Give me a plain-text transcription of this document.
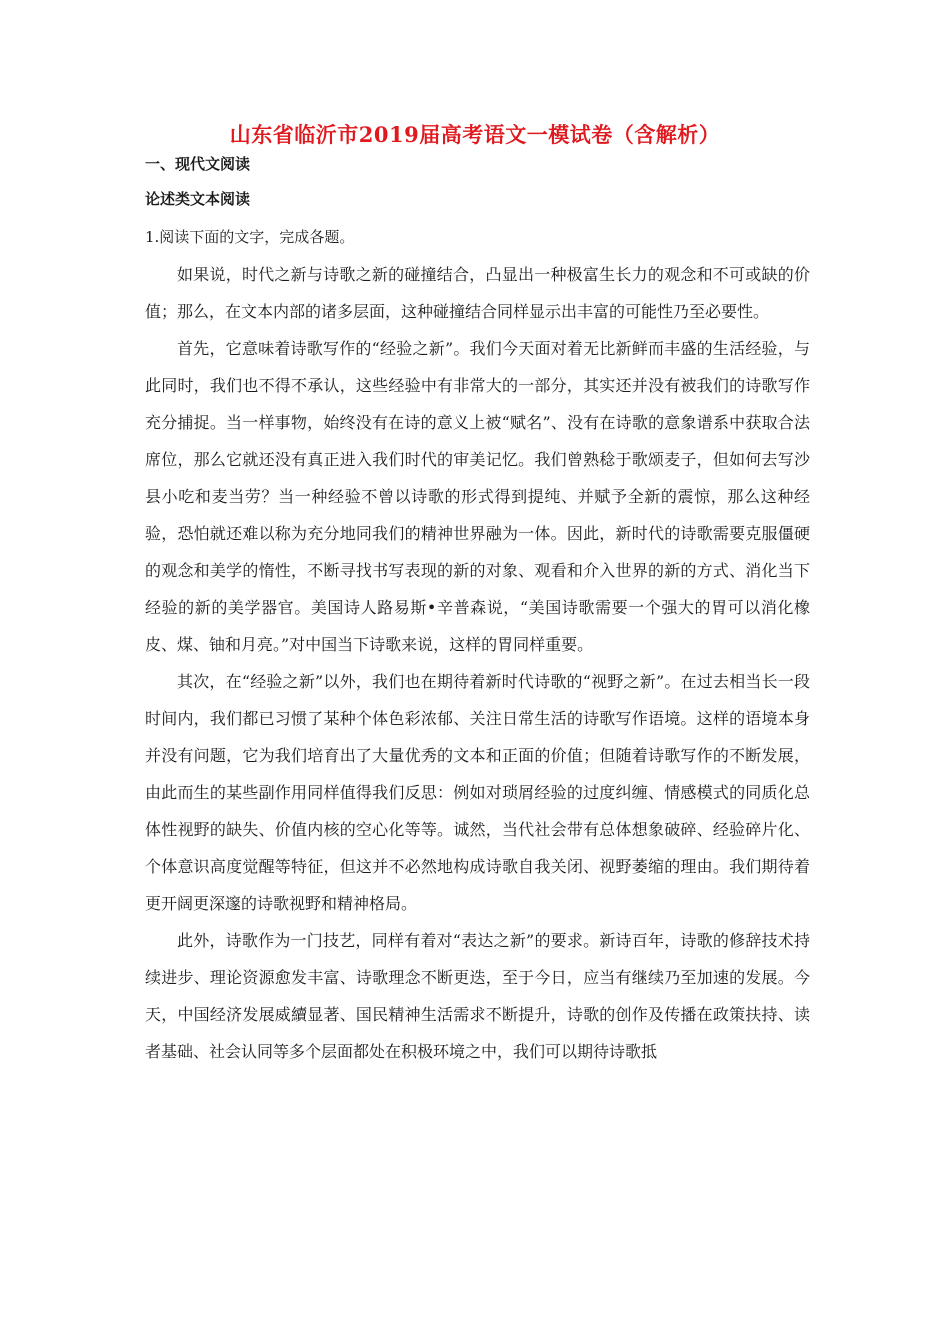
山东省临沂市2019届高考语文一模试卷（含解析）
一、现代文阅读
论述类文本阅读
1.阅读下面的文字，完成各题。

如果说，时代之新与诗歌之新的碰撞结合，凸显出一种极富生长力的观念和不可或缺的价值；那么，在文本内部的诸多层面，这种碰撞结合同样显示出丰富的可能性乃至必要性。

首先，它意味着诗歌写作的“经验之新”。我们今天面对着无比新鲜而丰盛的生活经验，与此同时，我们也不得不承认，这些经验中有非常大的一部分，其实还并没有被我们的诗歌写作充分捕捉。当一样事物，始终没有在诗的意义上被“赋名”、没有在诗歌的意象谱系中获取合法席位，那么它就还没有真正进入我们时代的审美记忆。我们曾熟稔于歌颂麦子，但如何去写沙县小吃和麦当劳？当一种经验不曾以诗歌的形式得到提纯、并赋予全新的震惊，那么这种经验，恐怕就还难以称为充分地同我们的精神世界融为一体。因此，新时代的诗歌需要克服僵硬的观念和美学的惰性，不断寻找书写表现的新的对象、观看和介入世界的新的方式、消化当下经验的新的美学器官。美国诗人路易斯•辛普森说，“美国诗歌需要一个强大的胃可以消化橡皮、煤、铀和月亮。”对中国当下诗歌来说，这样的胃同样重要。

其次，在“经验之新”以外，我们也在期待着新时代诗歌的“视野之新”。在过去相当长一段时间内，我们都已习惯了某种个体色彩浓郁、关注日常生活的诗歌写作语境。这样的语境本身并没有问题，它为我们培育出了大量优秀的文本和正面的价值；但随着诗歌写作的不断发展，由此而生的某些副作用同样值得我们反思：例如对琐屑经验的过度纠缠、情感模式的同质化总体性视野的缺失、价值内核的空心化等等。诚然，当代社会带有总体想象破碎、经验碎片化、个体意识高度觉醒等特征，但这并不必然地构成诗歌自我关闭、视野萎缩的理由。我们期待着更开阔更深邃的诗歌视野和精神格局。

此外，诗歌作为一门技艺，同样有着对“表达之新”的要求。新诗百年，诗歌的修辞技术持续进步、理论资源愈发丰富、诗歌理念不断更迭，至于今日，应当有继续乃至加速的发展。今天，中国经济发展威續显著、国民精神生活需求不断提升，诗歌的创作及传播在政策扶持、读者基础、社会认同等多个层面都处在积极环境之中，我们可以期待诗歌抵
